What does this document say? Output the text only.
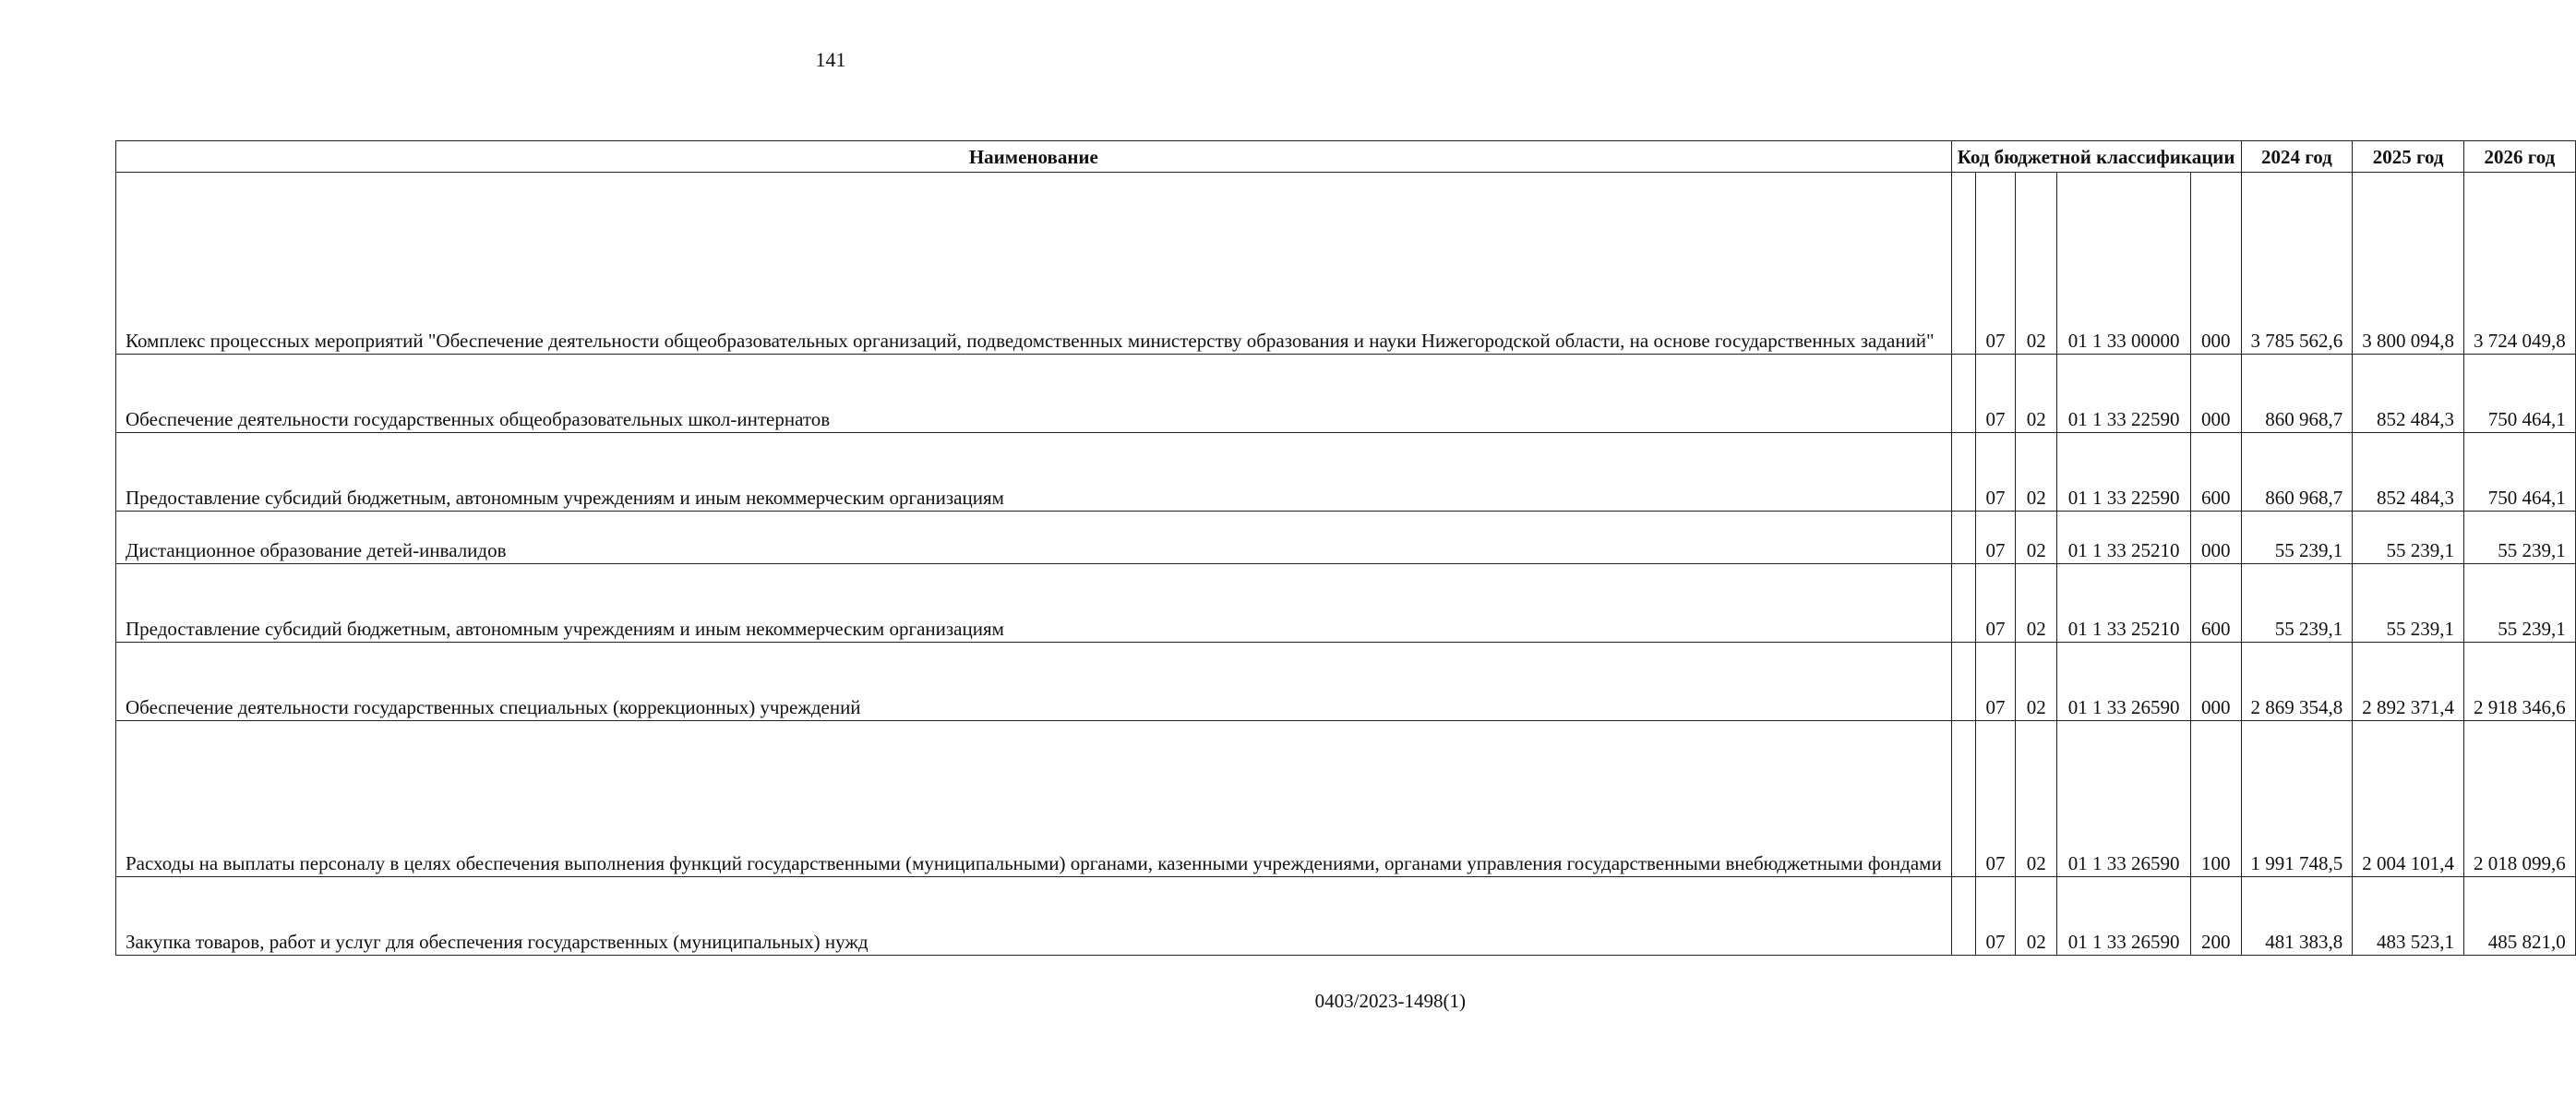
141
Наименование	Код бюджетной классификации					2024 год	2025 год	2026 год
Комплекс процессных мероприятий "Обеспечение деятельности общеобразовательных организаций, подведомственных министерству образования и науки Нижегородской области, на основе государственных заданий"		07	02	01 1 33 00000	000	3 785 562,6	3 800 094,8	3 724 049,8
Обеспечение деятельности государственных общеобразовательных школ-интернатов		07	02	01 1 33 22590	000	860 968,7	852 484,3	750 464,1
Предоставление субсидий бюджетным, автономным учреждениям и иным некоммерческим организациям		07	02	01 1 33 22590	600	860 968,7	852 484,3	750 464,1
Дистанционное образование детей-инвалидов		07	02	01 1 33 25210	000	55 239,1	55 239,1	55 239,1
Предоставление субсидий бюджетным, автономным учреждениям и иным некоммерческим организациям		07	02	01 1 33 25210	600	55 239,1	55 239,1	55 239,1
Обеспечение деятельности государственных специальных (коррекционных) учреждений		07	02	01 1 33 26590	000	2 869 354,8	2 892 371,4	2 918 346,6
Расходы на выплаты персоналу в целях обеспечения выполнения функций государственными (муниципальными) органами, казенными учреждениями, органами управления государственными внебюджетными фондами		07	02	01 1 33 26590	100	1 991 748,5	2 004 101,4	2 018 099,6
Закупка товаров, работ и услуг для обеспечения государственных (муниципальных) нужд		07	02	01 1 33 26590	200	481 383,8	483 523,1	485 821,0
0403/2023-1498(1)
